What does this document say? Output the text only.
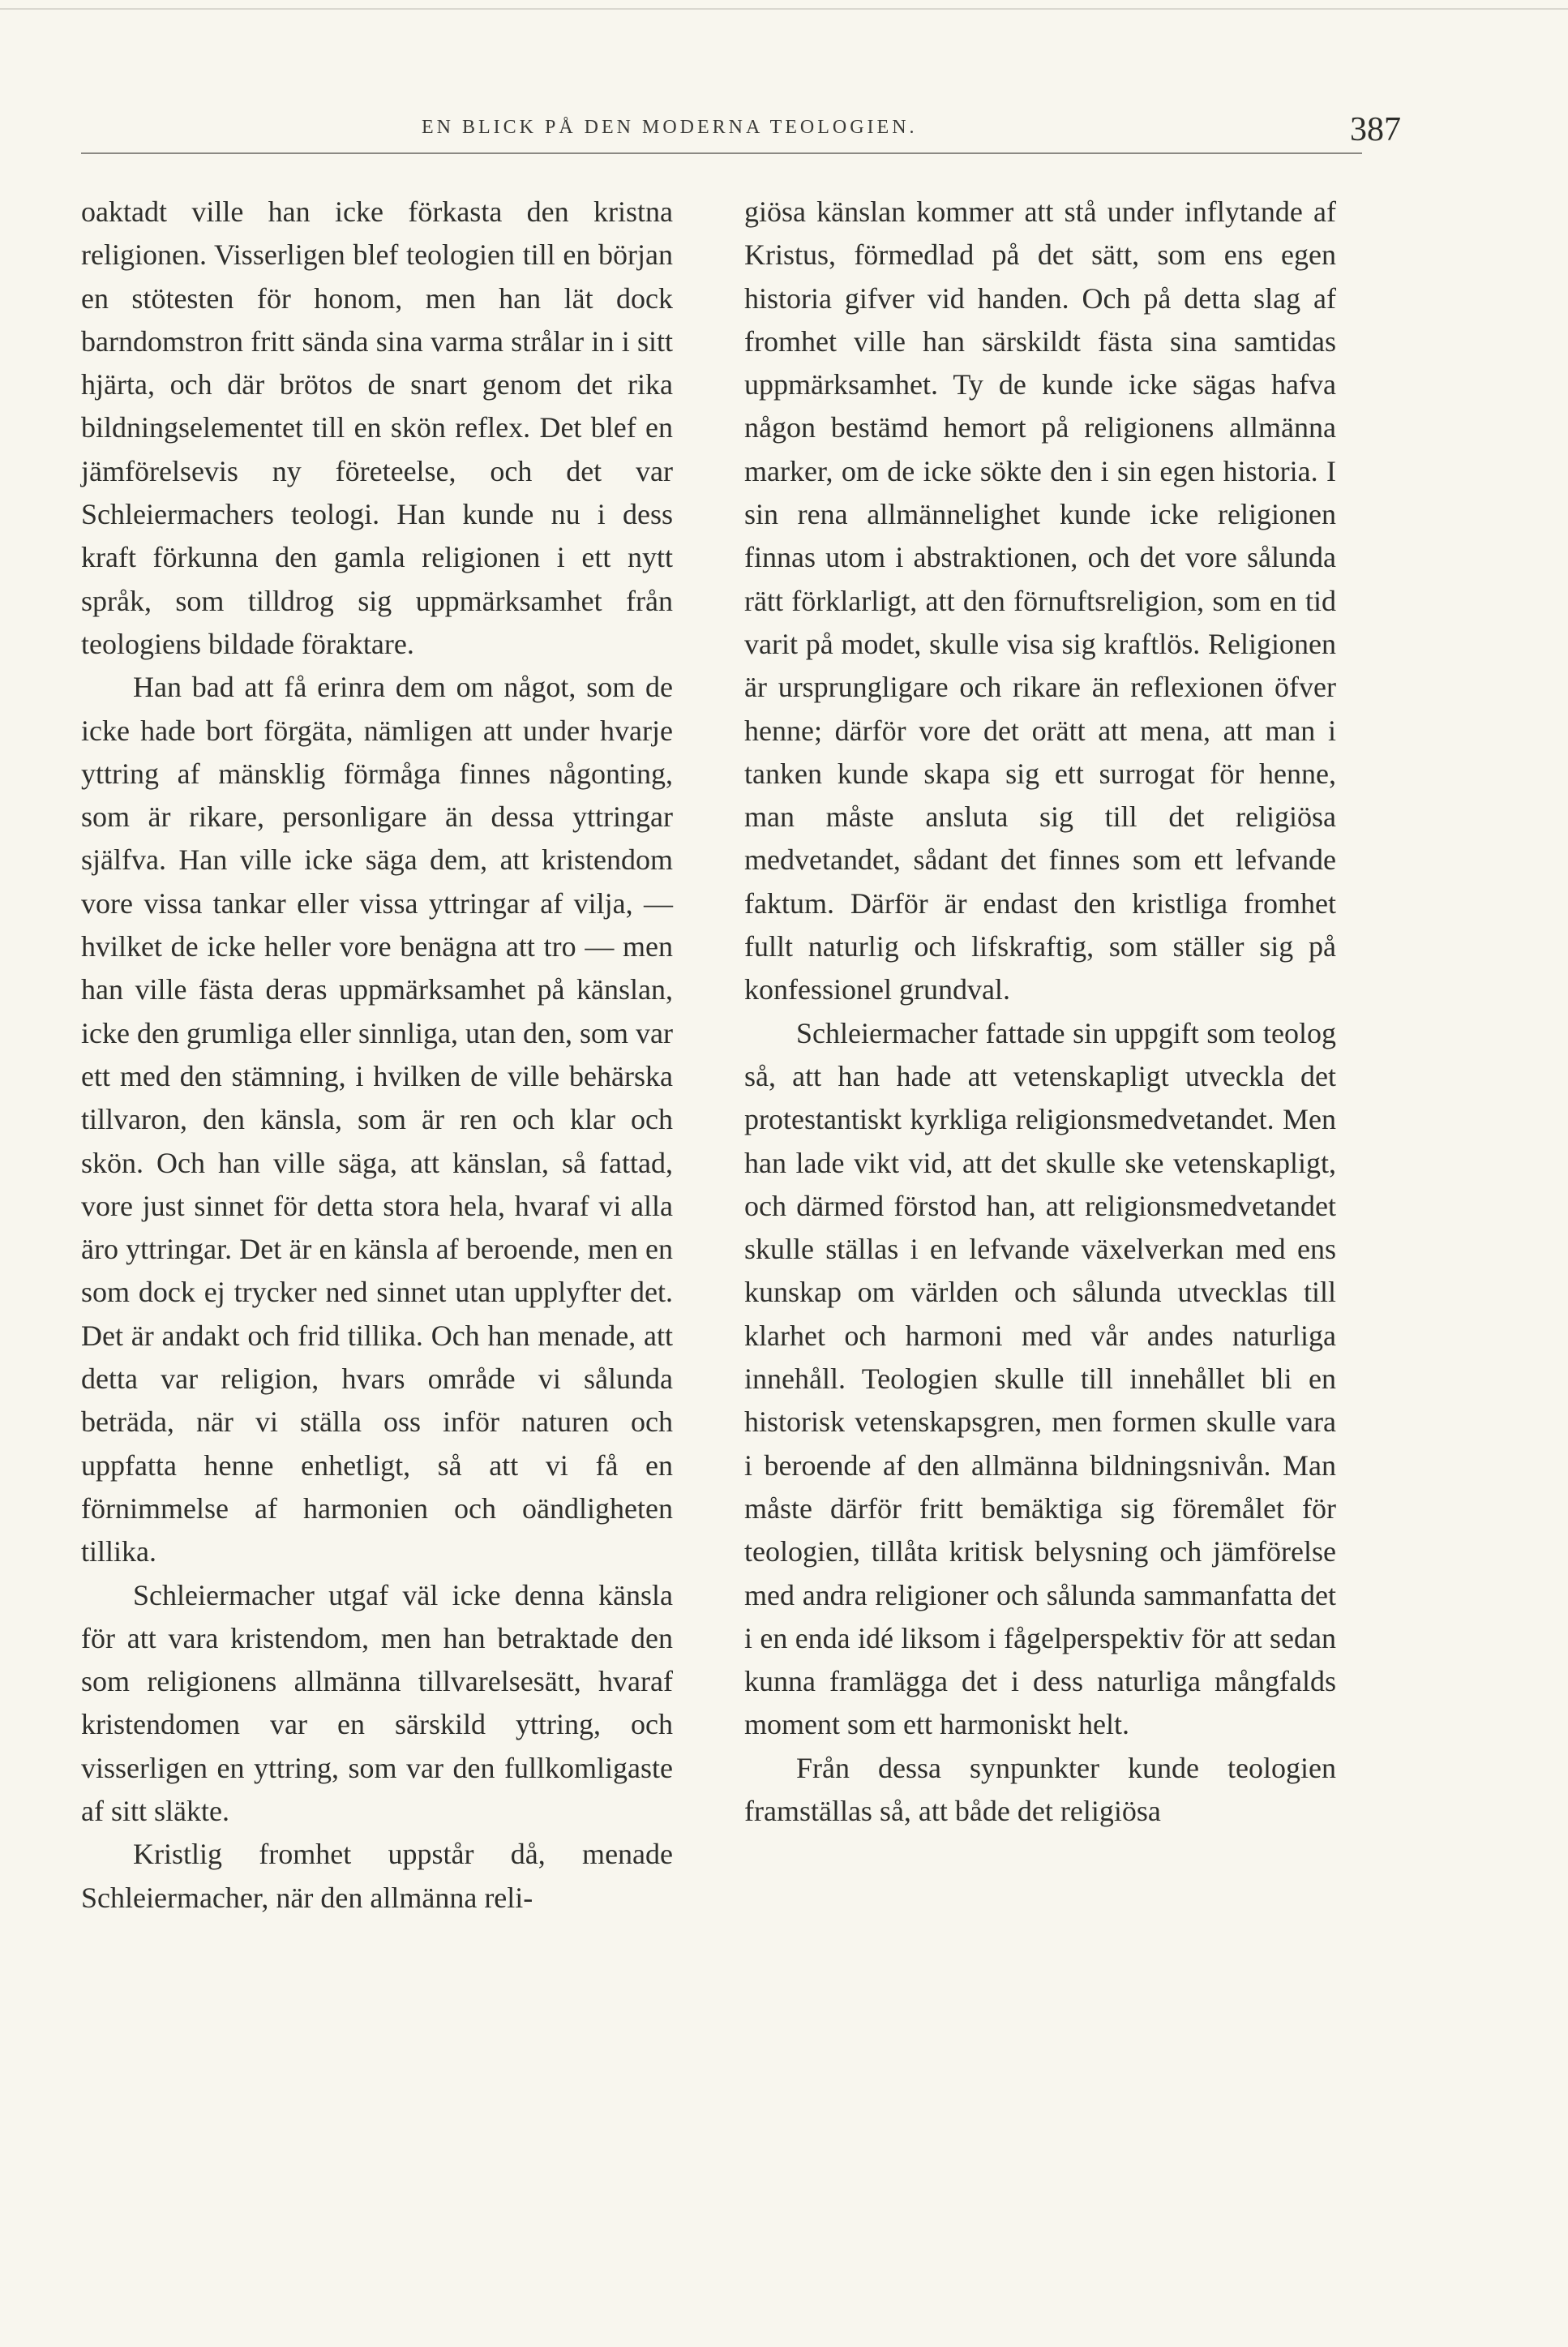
EN BLICK PÅ DEN MODERNA TEOLOGIEN.	387

oaktadt ville han icke förkasta den kristna religionen. Visserligen blef teologien till en början en stötesten för honom, men han lät dock barndomstron fritt sända sina varma strålar in i sitt hjärta, och där brötos de snart genom det rika bildningselementet till en skön reflex. Det blef en jämförelsevis ny företeelse, och det var Schleiermachers teologi. Han kunde nu i dess kraft förkunna den gamla religionen i ett nytt språk, som tilldrog sig uppmärksamhet från teologiens bildade föraktare.

Han bad att få erinra dem om något, som de icke hade bort förgäta, nämligen att under hvarje yttring af mänsklig förmåga finnes någonting, som är rikare, personligare än dessa yttringar själfva. Han ville icke säga dem, att kristendom vore vissa tankar eller vissa yttringar af vilja, — hvilket de icke heller vore benägna att tro — men han ville fästa deras uppmärksamhet på känslan, icke den grumliga eller sinnliga, utan den, som var ett med den stämning, i hvilken de ville behärska tillvaron, den känsla, som är ren och klar och skön. Och han ville säga, att känslan, så fattad, vore just sinnet för detta stora hela, hvaraf vi alla äro yttringar. Det är en känsla af beroende, men en som dock ej trycker ned sinnet utan upplyfter det. Det är andakt och frid tillika. Och han menade, att detta var religion, hvars område vi sålunda beträda, när vi ställa oss inför naturen och uppfatta henne enhetligt, så att vi få en förnimmelse af harmonien och oändligheten tillika.

Schleiermacher utgaf väl icke denna känsla för att vara kristendom, men han betraktade den som religionens allmänna tillvarelsesätt, hvaraf kristendomen var en särskild yttring, och visserligen en yttring, som var den fullkomligaste af sitt släkte.

Kristlig fromhet uppstår då, menade Schleiermacher, när den allmänna reli-

giösa känslan kommer att stå under inflytande af Kristus, förmedlad på det sätt, som ens egen historia gifver vid handen. Och på detta slag af fromhet ville han särskildt fästa sina samtidas uppmärksamhet. Ty de kunde icke sägas hafva någon bestämd hemort på religionens allmänna marker, om de icke sökte den i sin egen historia. I sin rena allmännelighet kunde icke religionen finnas utom i abstraktionen, och det vore sålunda rätt förklarligt, att den förnuftsreligion, som en tid varit på modet, skulle visa sig kraftlös. Religionen är ursprungligare och rikare än reflexionen öfver henne; därför vore det orätt att mena, att man i tanken kunde skapa sig ett surrogat för henne, man måste ansluta sig till det religiösa medvetandet, sådant det finnes som ett lefvande faktum. Därför är endast den kristliga fromhet fullt naturlig och lifskraftig, som ställer sig på konfessionel grundval.

Schleiermacher fattade sin uppgift som teolog så, att han hade att vetenskapligt utveckla det protestantiskt kyrkliga religionsmedvetandet. Men han lade vikt vid, att det skulle ske vetenskapligt, och därmed förstod han, att religionsmedvetandet skulle ställas i en lefvande växelverkan med ens kunskap om världen och sålunda utvecklas till klarhet och harmoni med vår andes naturliga innehåll. Teologien skulle till innehållet bli en historisk vetenskapsgren, men formen skulle vara i beroende af den allmänna bildningsnivån. Man måste därför fritt bemäktiga sig föremålet för teologien, tillåta kritisk belysning och jämförelse med andra religioner och sålunda sammanfatta det i en enda idé liksom i fågelperspektiv för att sedan kunna framlägga det i dess naturliga mångfalds moment som ett harmoniskt helt.

Från dessa synpunkter kunde teologien framställas så, att både det religiösa
